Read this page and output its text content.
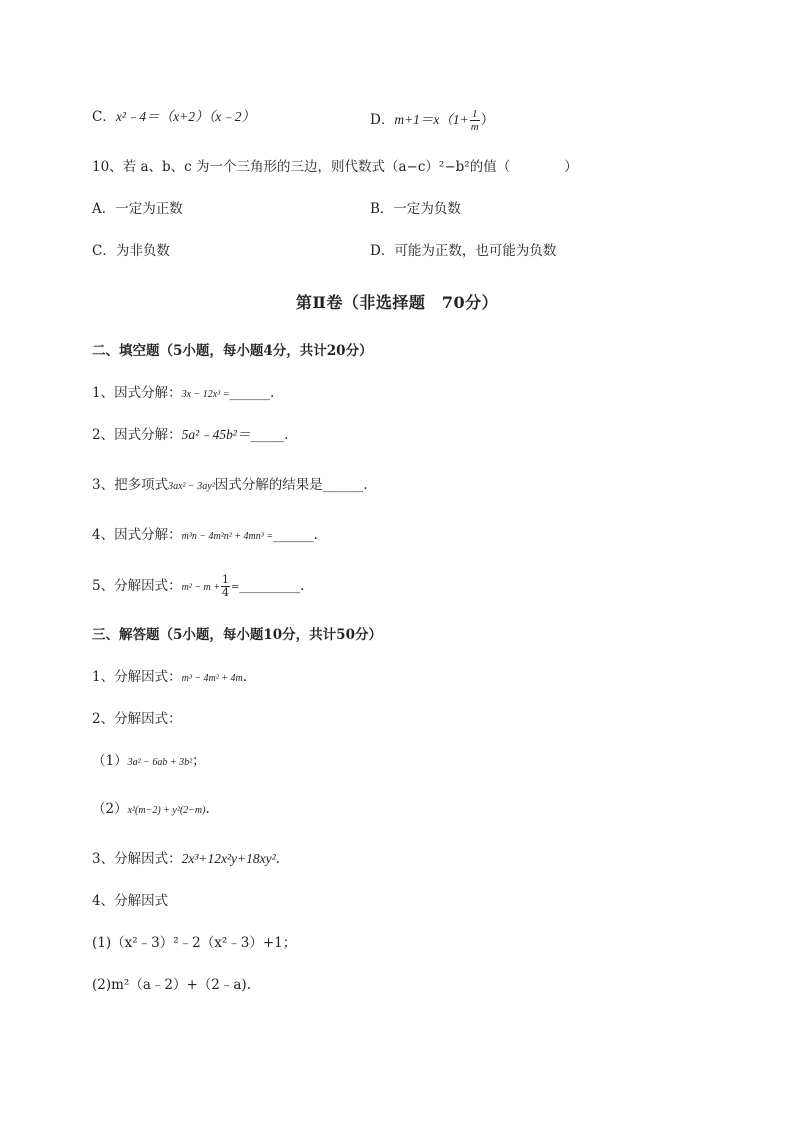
C．x²﹣4＝（x+2）（x﹣2）	D．$m+1=x(1+ \frac{1}{m}$ ）
10、若 a、b、c 为一个三角形的三边，则代数式（a−c）²−b²的值（　　　　）
A．一定为正数	B．一定为负数
C．为非负数	D．可能为正数，也可能为负数
第Ⅱ卷（非选择题　70分）
二、填空题（5小题，每小题4分，共计20分）
1、因式分解：3x − 12x³ =______.
2、因式分解：5a²﹣45b²＝_____.
3、把多项式3ax² − 3ay²因式分解的结果是______.
4、因式分解：m³n − 4m²n² + 4mn³ =______.
5、分解因式：$m^2 - m + \frac{1}{4}$ =_________.
三、解答题（5小题，每小题10分，共计50分）
1、分解因式：m³ − 4m² + 4m.
2、分解因式：
（1）3a² − 6ab + 3b²；
（2）x²(m−2) + y²(2−m).
3、分解因式：2x³+12x²y+18xy².
4、分解因式
(1)（x²﹣3）²﹣2（x²﹣3）+1；
(2)m²（a﹣2）+（2﹣a).
